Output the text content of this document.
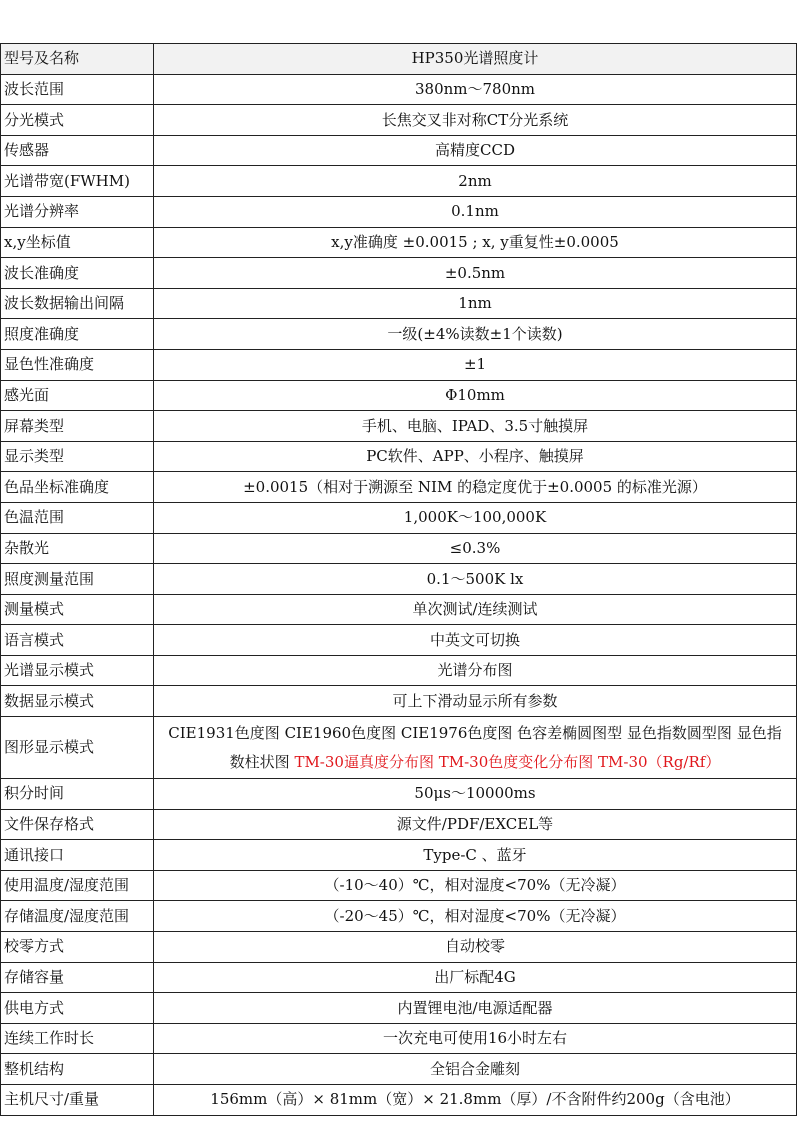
型号及名称	HP350光谱照度计
波长范围	380nm～780nm
分光模式	长焦交叉非对称CT分光系统
传感器	高精度CCD
光谱带宽(FWHM)	2nm
光谱分辨率	0.1nm
x,y坐标值	x,y准确度 ±0.0015 ; x, y重复性±0.0005
波长准确度	±0.5nm
波长数据输出间隔	1nm
照度准确度	一级(±4%读数±1个读数)
显色性准确度	±1
感光面	Φ10mm
屏幕类型	手机、电脑、IPAD、3.5寸触摸屏
显示类型	PC软件、APP、小程序、触摸屏
色品坐标准确度	±0.0015（相对于溯源至 NIM 的稳定度优于±0.0005 的标准光源）
色温范围	1,000K～100,000K
杂散光	≤0.3%
照度测量范围	0.1～500K lx
测量模式	单次测试/连续测试
语言模式	中英文可切换
光谱显示模式	光谱分布图
数据显示模式	可上下滑动显示所有参数
图形显示模式	CIE1931色度图 CIE1960色度图 CIE1976色度图 色容差椭圆图型 显色指数圆型图 显色指数柱状图 TM-30逼真度分布图 TM-30色度变化分布图 TM-30（Rg/Rf）
积分时间	50μs～10000ms
文件保存格式	源文件/PDF/EXCEL等
通讯接口	Type-C 、蓝牙
使用温度/湿度范围	（-10～40）℃，相对湿度<70%（无冷凝）
存储温度/湿度范围	（-20～45）℃，相对湿度<70%（无冷凝）
校零方式	自动校零
存储容量	出厂标配4G
供电方式	内置锂电池/电源适配器
连续工作时长	一次充电可使用16小时左右
整机结构	全铝合金雕刻
主机尺寸/重量	156mm（高）× 81mm（宽）× 21.8mm（厚）/不含附件约200g（含电池）
